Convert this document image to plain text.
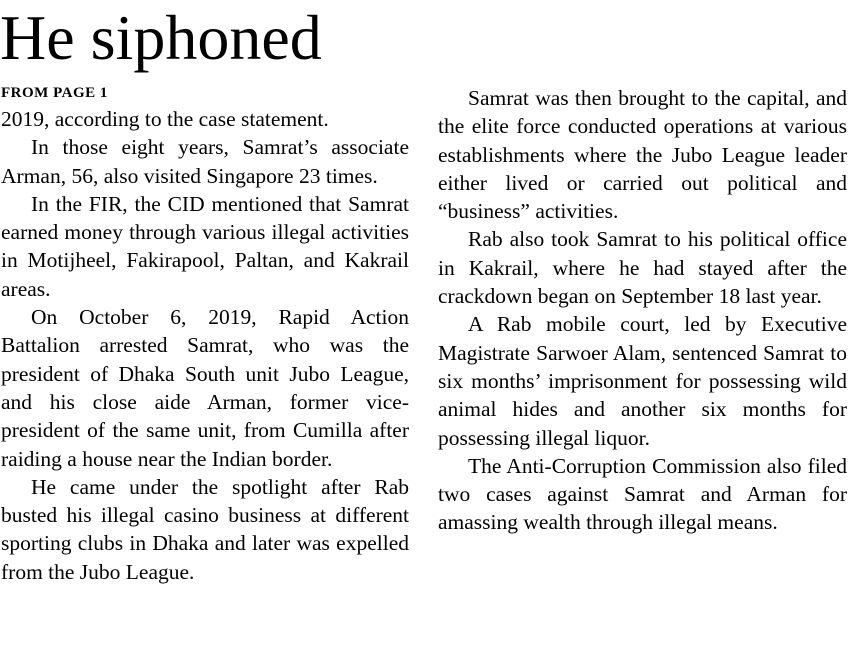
He siphoned
FROM PAGE 1

2019, according to the case statement.

In those eight years, Samrat’s associate Arman, 56, also visited Singapore 23 times.

In the FIR, the CID mentioned that Samrat earned money through various illegal activities in Motijheel, Fakirapool, Paltan, and Kakrail areas.

On October 6, 2019, Rapid Action Battalion arrested Samrat, who was the president of Dhaka South unit Jubo League, and his close aide Arman, former vice-president of the same unit, from Cumilla after raiding a house near the Indian border.

He came under the spotlight after Rab busted his illegal casino business at different sporting clubs in Dhaka and later was expelled from the Jubo League.

Samrat was then brought to the capital, and the elite force conducted operations at various establishments where the Jubo League leader either lived or carried out political and “business” activities.

Rab also took Samrat to his political office in Kakrail, where he had stayed after the crackdown began on September 18 last year.

A Rab mobile court, led by Executive Magistrate Sarwoer Alam, sentenced Samrat to six months’ imprisonment for possessing wild animal hides and another six months for possessing illegal liquor.

The Anti-Corruption Commission also filed two cases against Samrat and Arman for amassing wealth through illegal means.
